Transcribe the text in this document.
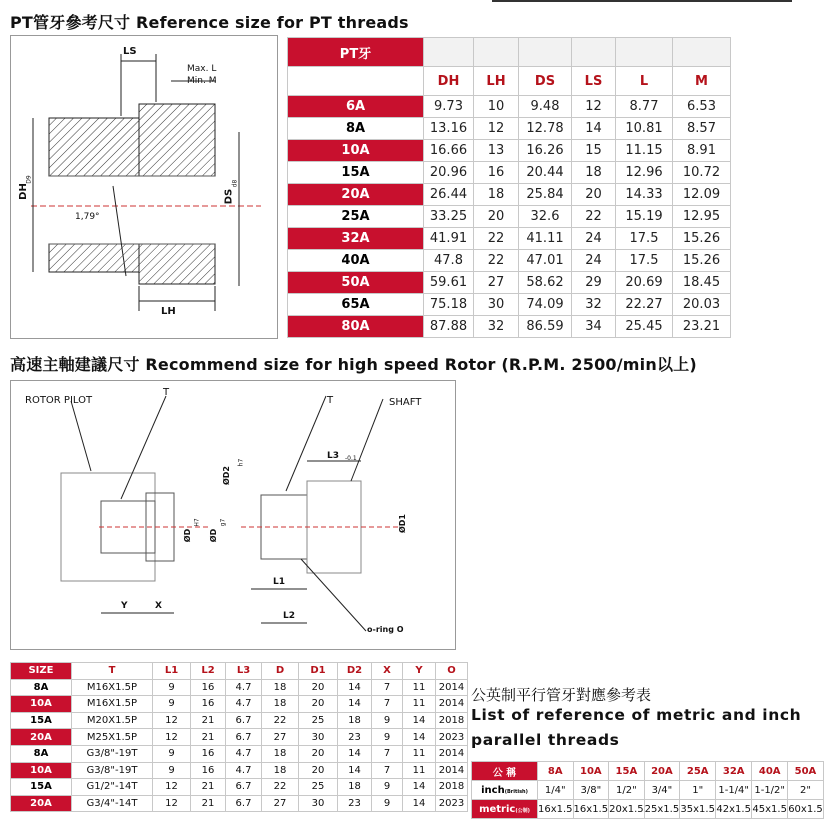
PT管牙參考尺寸 Reference size for PT threads
LS
Max. L
Min. M
DH
D9
DS
d8
1,79°
LH
PT牙						
	DH	LH	DS	LS	L	M
6A	9.73	10	9.48	12	8.77	6.53
8A	13.16	12	12.78	14	10.81	8.57
10A	16.66	13	16.26	15	11.15	8.91
15A	20.96	16	20.44	18	12.96	10.72
20A	26.44	18	25.84	20	14.33	12.09
25A	33.25	20	32.6	22	15.19	12.95
32A	41.91	22	41.11	24	17.5	15.26
40A	47.8	22	47.01	24	17.5	15.26
50A	59.61	27	58.62	29	20.69	18.45
65A	75.18	30	74.09	32	22.27	20.03
80A	87.88	32	86.59	34	25.45	23.21
高速主軸建議尺寸 Recommend size for high speed Rotor (R.P.M. 2500/min以上)
ROTOR PILOT
T
T	SHAFT
L3 -0.1
ØD2
h7
ØD
H7
ØD
g7	ØD1
L1
L2
Y	X
o-ring O
SIZE	T	L1	L2	L3	D	D1	D2	X	Y	O
8A	M16X1.5P	9	16	4.7	18	20	14	7	11	2014
10A	M16X1.5P	9	16	4.7	18	20	14	7	11	2014
15A	M20X1.5P	12	21	6.7	22	25	18	9	14	2018
20A	M25X1.5P	12	21	6.7	27	30	23	9	14	2023
8A	G3/8"-19T	9	16	4.7	18	20	14	7	11	2014
10A	G3/8"-19T	9	16	4.7	18	20	14	7	11	2014
15A	G1/2"-14T	12	21	6.7	22	25	18	9	14	2018
20A	G3/4"-14T	12	21	6.7	27	30	23	9	14	2023
公英制平行管牙對應參考表
List of reference of metric and inch
parallel threads
公 稱	8A	10A	15A	20A	25A	32A	40A	50A
inch(British)	1/4"	3/8"	1/2"	3/4"	1"	1-1/4"	1-1/2"	2"
metric(公制)	16x1.5	16x1.5	20x1.5	25x1.5	35x1.5	42x1.5	45x1.5	60x1.5
